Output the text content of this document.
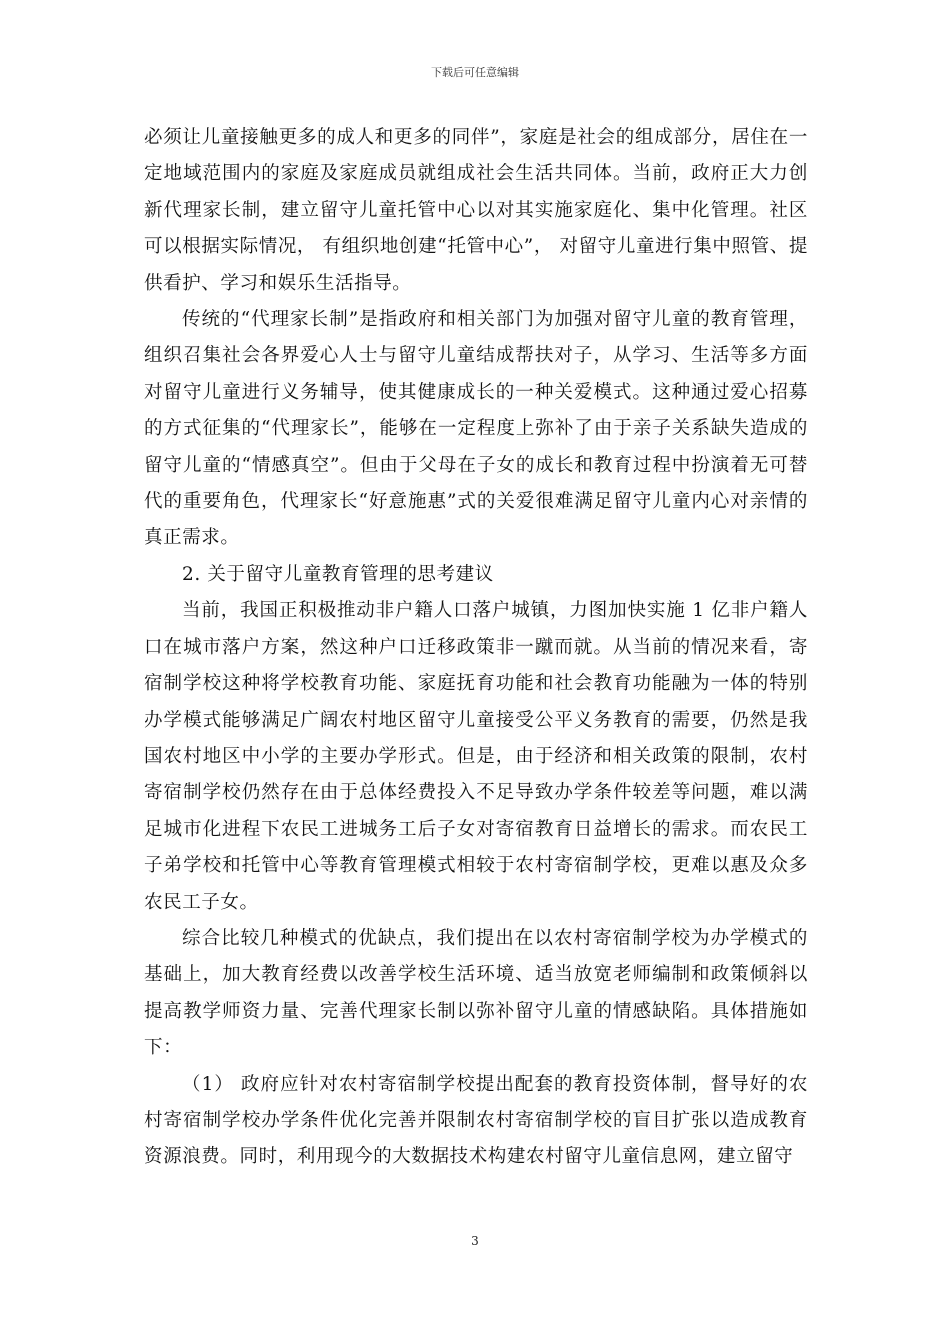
下载后可任意编辑

必须让儿童接触更多的成人和更多的同伴”，家庭是社会的组成部分，居住在一定地域范围内的家庭及家庭成员就组成社会生活共同体。当前，政府正大力创新代理家长制，建立留守儿童托管中心以对其实施家庭化、集中化管理。社区可以根据实际情况， 有组织地创建“托管中心”， 对留守儿童进行集中照管、提供看护、学习和娱乐生活指导。

传统的“代理家长制”是指政府和相关部门为加强对留守儿童的教育管理，组织召集社会各界爱心人士与留守儿童结成帮扶对子，从学习、生活等多方面对留守儿童进行义务辅导，使其健康成长的一种关爱模式。这种通过爱心招募的方式征集的“代理家长”，能够在一定程度上弥补了由于亲子关系缺失造成的留守儿童的“情感真空”。但由于父母在子女的成长和教育过程中扮演着无可替代的重要角色，代理家长“好意施惠”式的关爱很难满足留守儿童内心对亲情的真正需求。

2. 关于留守儿童教育管理的思考建议

当前，我国正积极推动非户籍人口落户城镇，力图加快实施 1 亿非户籍人口在城市落户方案，然这种户口迁移政策非一蹴而就。从当前的情况来看，寄宿制学校这种将学校教育功能、家庭抚育功能和社会教育功能融为一体的特别办学模式能够满足广阔农村地区留守儿童接受公平义务教育的需要，仍然是我国农村地区中小学的主要办学形式。但是，由于经济和相关政策的限制，农村寄宿制学校仍然存在由于总体经费投入不足导致办学条件较差等问题，难以满足城市化进程下农民工进城务工后子女对寄宿教育日益增长的需求。而农民工子弟学校和托管中心等教育管理模式相较于农村寄宿制学校，更难以惠及众多农民工子女。

综合比较几种模式的优缺点，我们提出在以农村寄宿制学校为办学模式的基础上，加大教育经费以改善学校生活环境、适当放宽老师编制和政策倾斜以提高教学师资力量、完善代理家长制以弥补留守儿童的情感缺陷。具体措施如下：

（1） 政府应针对农村寄宿制学校提出配套的教育投资体制，督导好的农村寄宿制学校办学条件优化完善并限制农村寄宿制学校的盲目扩张以造成教育资源浪费。同时，利用现今的大数据技术构建农村留守儿童信息网，建立留守

3
